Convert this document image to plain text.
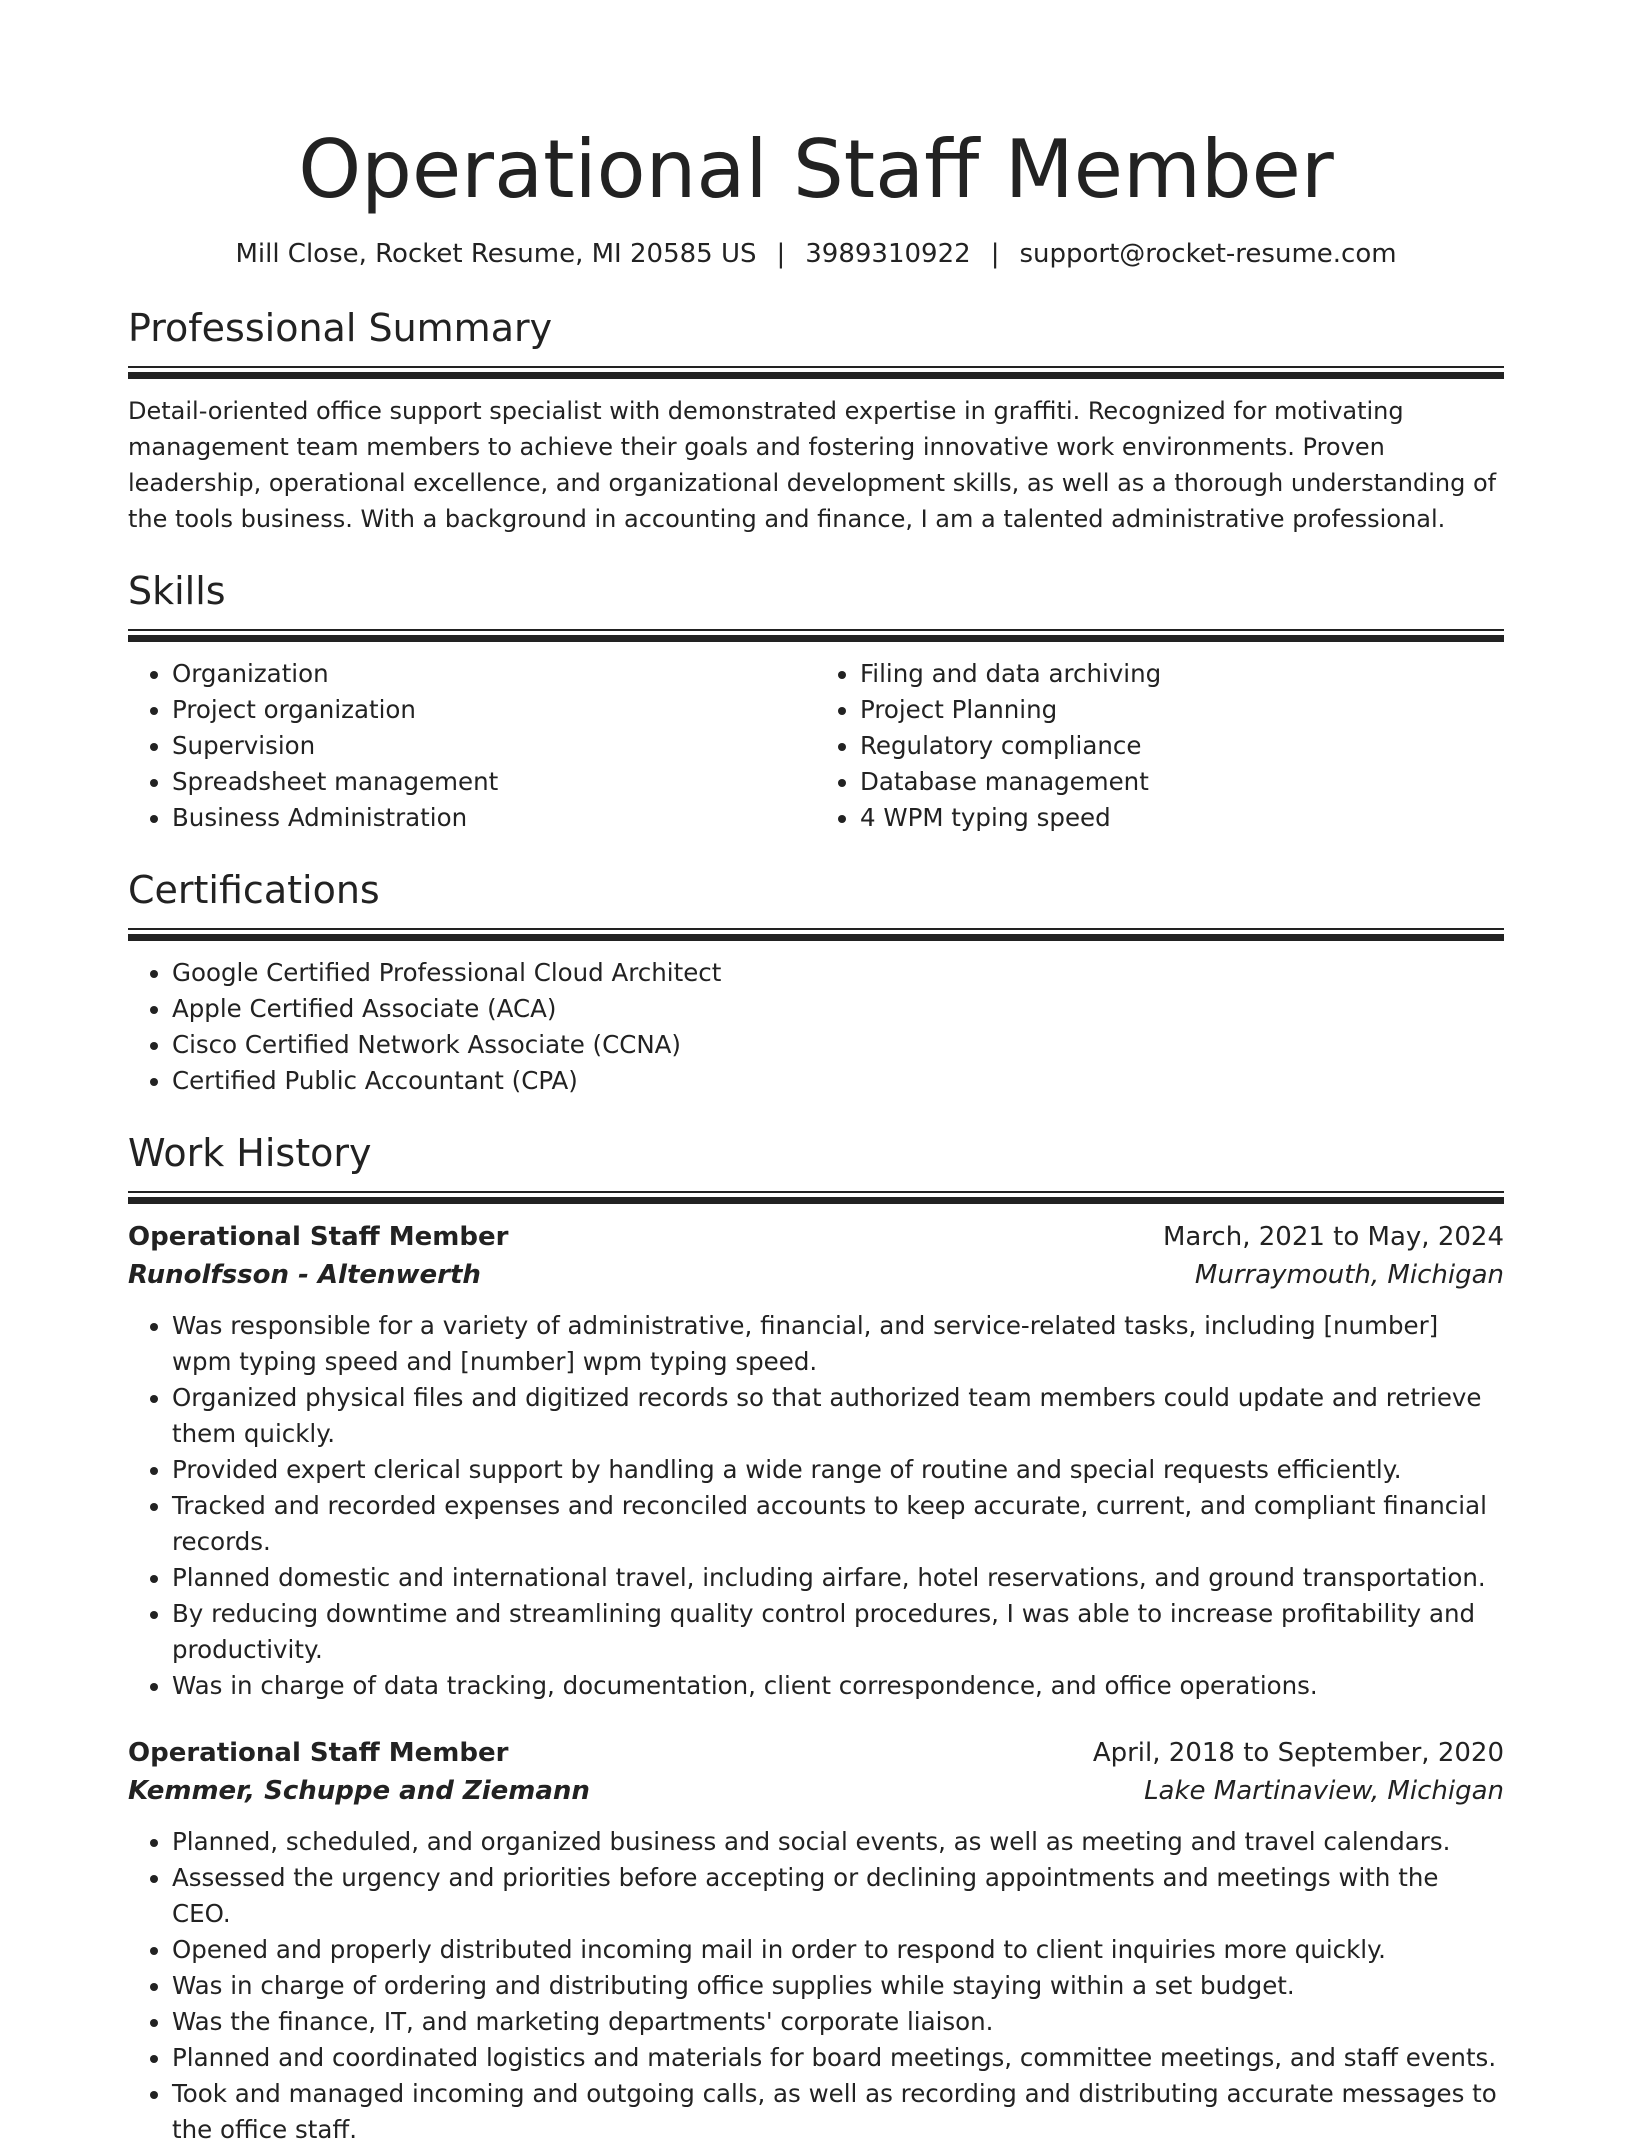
Operational Staff Member
Mill Close, Rocket Resume, MI 20585 US | 3989310922 | support@rocket-resume.com
Professional Summary

Detail-oriented office support specialist with demonstrated expertise in graffiti. Recognized for motivating management team members to achieve their goals and fostering innovative work environments. Proven leadership, operational excellence, and organizational development skills, as well as a thorough understanding of the tools business. With a background in accounting and finance, I am a talented administrative professional.

Skills
• Organization
• Project organization
• Supervision
• Spreadsheet management
• Business Administration
• Filing and data archiving
• Project Planning
• Regulatory compliance
• Database management
• 4 WPM typing speed
Certifications
• Google Certified Professional Cloud Architect
• Apple Certified Associate (ACA)
• Cisco Certified Network Associate (CCNA)
• Certified Public Accountant (CPA)
Work History
Operational Staff Member	March, 2021 to May, 2024
Runolfsson - Altenwerth	Murraymouth, Michigan
• Was responsible for a variety of administrative, financial, and service-related tasks, including [number] wpm typing speed and [number] wpm typing speed.
• Organized physical files and digitized records so that authorized team members could update and retrieve them quickly.
• Provided expert clerical support by handling a wide range of routine and special requests efficiently.
• Tracked and recorded expenses and reconciled accounts to keep accurate, current, and compliant financial records.
• Planned domestic and international travel, including airfare, hotel reservations, and ground transportation.
• By reducing downtime and streamlining quality control procedures, I was able to increase profitability and productivity.
• Was in charge of data tracking, documentation, client correspondence, and office operations.
Operational Staff Member	April, 2018 to September, 2020
Kemmer, Schuppe and Ziemann	Lake Martinaview, Michigan
• Planned, scheduled, and organized business and social events, as well as meeting and travel calendars.
• Assessed the urgency and priorities before accepting or declining appointments and meetings with the CEO.
• Opened and properly distributed incoming mail in order to respond to client inquiries more quickly.
• Was in charge of ordering and distributing office supplies while staying within a set budget.
• Was the finance, IT, and marketing departments' corporate liaison.
• Planned and coordinated logistics and materials for board meetings, committee meetings, and staff events.
• Took and managed incoming and outgoing calls, as well as recording and distributing accurate messages to the office staff.
